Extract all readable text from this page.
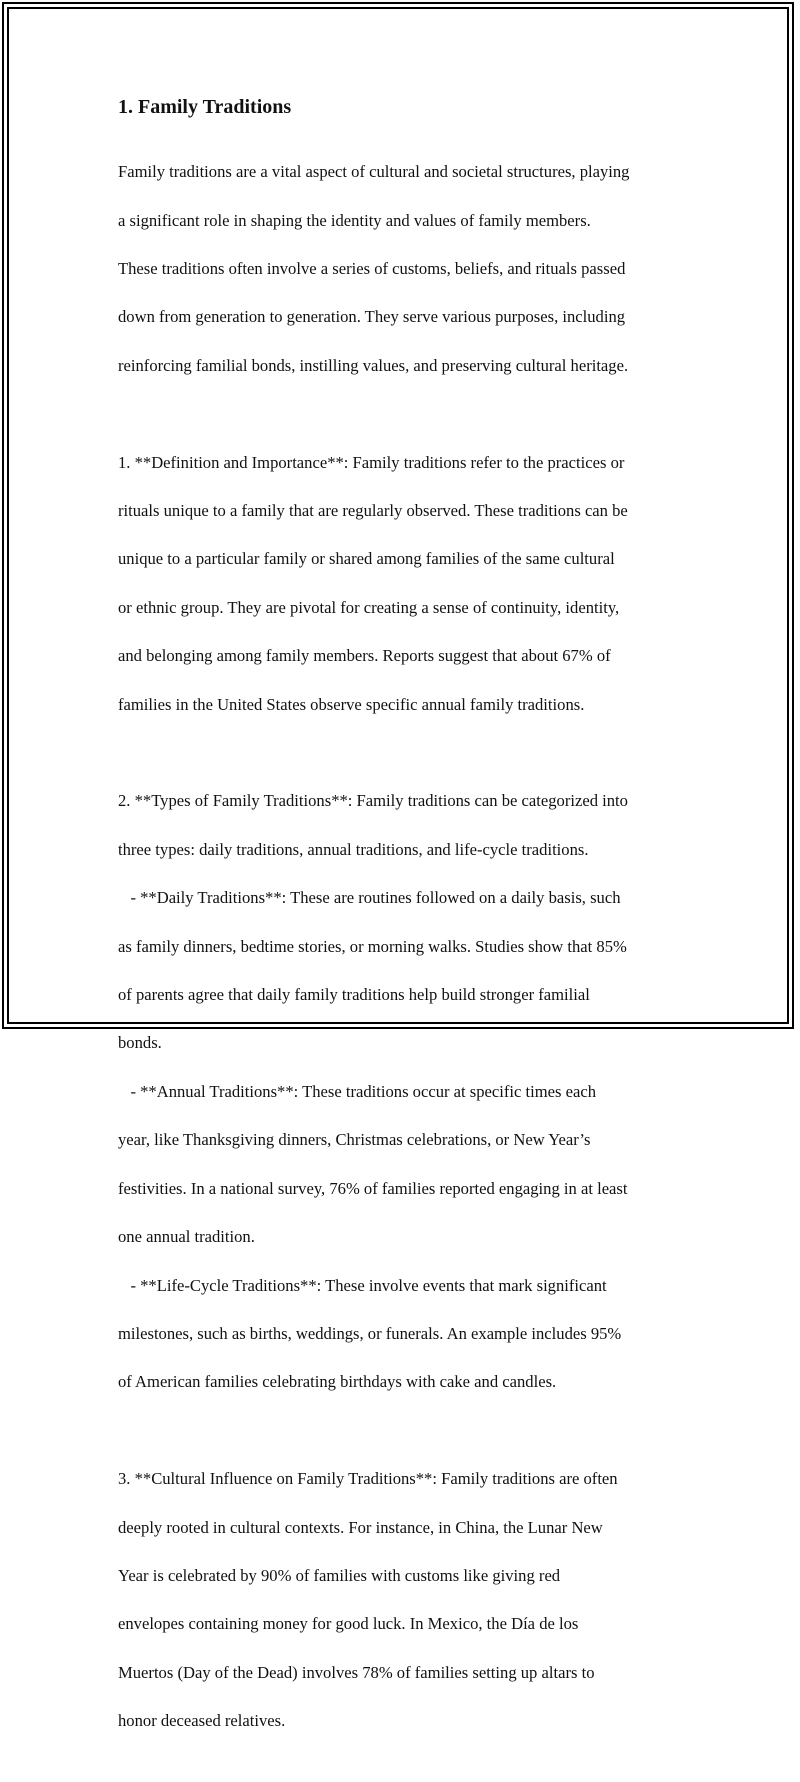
1. Family Traditions

Family traditions are a vital aspect of cultural and societal structures, playing

a significant role in shaping the identity and values of family members.

These traditions often involve a series of customs, beliefs, and rituals passed

down from generation to generation. They serve various purposes, including

reinforcing familial bonds, instilling values, and preserving cultural heritage.

1. **Definition and Importance**: Family traditions refer to the practices or

rituals unique to a family that are regularly observed. These traditions can be

unique to a particular family or shared among families of the same cultural

or ethnic group. They are pivotal for creating a sense of continuity, identity,

and belonging among family members. Reports suggest that about 67% of

families in the United States observe specific annual family traditions.

2. **Types of Family Traditions**: Family traditions can be categorized into

three types: daily traditions, annual traditions, and life-cycle traditions.

- **Daily Traditions**: These are routines followed on a daily basis, such

as family dinners, bedtime stories, or morning walks. Studies show that 85%

of parents agree that daily family traditions help build stronger familial

bonds.

- **Annual Traditions**: These traditions occur at specific times each

year, like Thanksgiving dinners, Christmas celebrations, or New Year’s

festivities. In a national survey, 76% of families reported engaging in at least

one annual tradition.

- **Life-Cycle Traditions**: These involve events that mark significant

milestones, such as births, weddings, or funerals. An example includes 95%

of American families celebrating birthdays with cake and candles.

3. **Cultural Influence on Family Traditions**: Family traditions are often

deeply rooted in cultural contexts. For instance, in China, the Lunar New

Year is celebrated by 90% of families with customs like giving red

envelopes containing money for good luck. In Mexico, the Día de los

Muertos (Day of the Dead) involves 78% of families setting up altars to

honor deceased relatives.
